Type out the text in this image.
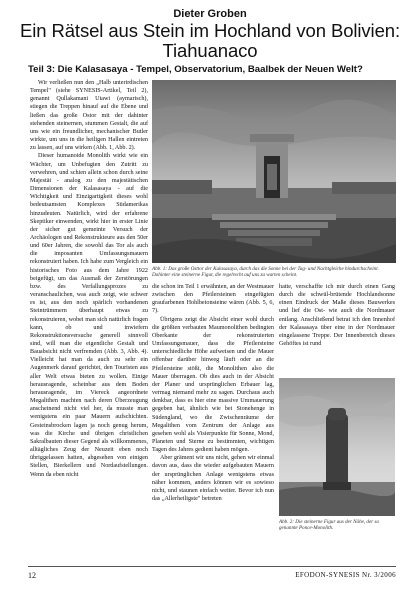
Dieter Groben
Ein Rätsel aus Stein im Hochland von Bolivien: Tiahuanaco
Teil 3: Die Kalasasaya - Tempel, Observatorium, Baalbek der Neuen Welt?

Wir verließen nun den „Halb unterirdischen Tempel" (siehe SYNESIS-Artikel, Teil 2), genannt Qullakamani Utawi (aymarisch), stiegen die Treppen hinauf auf die Ebene und ließen das große Ostor mit der dahinter stehenden steinernen, stummen Gestalt, die auf uns wie ein freundlicher, mechanischer Butler wirkte, um uns in die heiligen Hallen eintreten zu lassen, auf uns wirken (Abb. 1, Abb. 2).

Dieser humanoide Monolith wirkt wie ein Wächter, um Unbefugten den Zutritt zu verwehren, und schien allein schon durch seine Majestät - analog zu den majestätischen Dimensionen der Kalasasaya - auf die Wichtigkeit und Einzigartigkeit dieses wohl bedeutsamsten Komplexes Südamerikas hinzudeuten. Natürlich, wird der erfahrene Skeptiker einwenden, wirkt hier in erster Linie der sicher gut gemeinte Versuch der Archäologen und Rekonstrukteure aus den 50er und 60er Jahren, die sowohl das Tor als auch die imposanten Umfassungsmauern rekonstruiert haben. Ich habe zum Vergleich ein historisches Foto aus dem Jahre 1922 beigefügt, um das Ausmaß der Zerstörungen bzw. des Verfallungsprozes zu veranschaulichen, was auch zeigt, wie schwer es ist, aus den noch spärlich vorhandenen Steintrümmern überhaupt etwas zu rekonstruieren, wobei man sich natürlich fragen kann, ob und inwiefern Rekonstruktionsversuche generell sinnvoll sind, will man die eigentliche Gestalt und Bauabsicht nicht verfremden (Abb. 3, Abb. 4). Vielleicht hat man da auch zu sehr ein Augenmerk darauf gerichtet, den Touristen aus aller Welt etwas bieten zu wollen. Einige herausragende, scheinbar aus dem Boden herausragende, im Viereck angeordnete Megalithen machten nach deren Überzeugung anscheinend nicht viel her, da musste man wenigstens ein paar Mauern aufschichten. Gesteinsbrocken lagen ja noch genug herum, was die Kirche und übrigen christlichen Sakralbauten dieser Gegend als willkommenes, alltägliches Zeug der Neuzeit eben noch übriggelassen hatten, abgesehen von einigen Stellen, Bierkellern und Nordaufstellungen. Wenn da eben nicht

Abb. 1: Das große Osttor der Kalasasaya, durch das die Sonne bei der Tag- und Nachtgleiche hindurchscheint. Dahinter eine steinerne Figur, die regelrecht auf uns zu warten scheint.

die schon im Teil 1 erwähnten, an der Westmauer zwischen den Pfeilersteinen eingefügten graufarbenen Hohlbetonsteine wären (Abb. 5, 6, 7).

Übrigens zeigt die Absicht einer wohl durch die größten verbauten Maumonolithen bedingten Oberkante der rekonstruierten Umfassungsmauer, dass die Pfeilersteine unterschiedliche Höhe aufweisen und die Mauer offenbar darüber hinweg läuft oder an die Pfeilersteine stößt, die Monolithen also die Mauer überragen. Ob dies auch in der Absicht der Planer und ursprünglichen Erbauer lag, vermag niemand mehr zu sagen. Durchaus auch denkbar, dass es hier eine massive Ummauerung gegeben hat, ähnlich wie bei Stonehenge in Südengland, wo die Zwischenräume der Megalithen vom Zentrum der Anlage aus gesehen wohl als Visierpunkte für Sonne, Mond, Planeten und Sterne zu bestimmten, wichtigen Tagen des Jahres gedient haben mögen.

Aber gräment wir uns nicht, gehen wir einmal davon aus, dass die wieder aufgebauten Mauern der ursprünglichen Anlage wenigstens etwas näher kommen, anders können wir es sowieso nicht, und staunen einfach weiter. Bevor ich nun das „Allerheiligste" betreten

hatte, verschaffte ich mir durch einen Gang durch die schwül-brütende Hochlandsonne einen Eindruck der Maße dieses Bauwerkes und lief die Ost- wie auch die Nordmauer entlang. Anschließend betrat ich den Innenhof der Kalasasaya über eine in der Nordmauer eingelassene Treppe. Der Innenbereich dieses Gehöftes ist rund

Abb. 2: Die steinerne Figur aus der Nähe, der so genannte Ponce-Monolith.
12	EFODON-SYNESIS Nr. 3/2006
